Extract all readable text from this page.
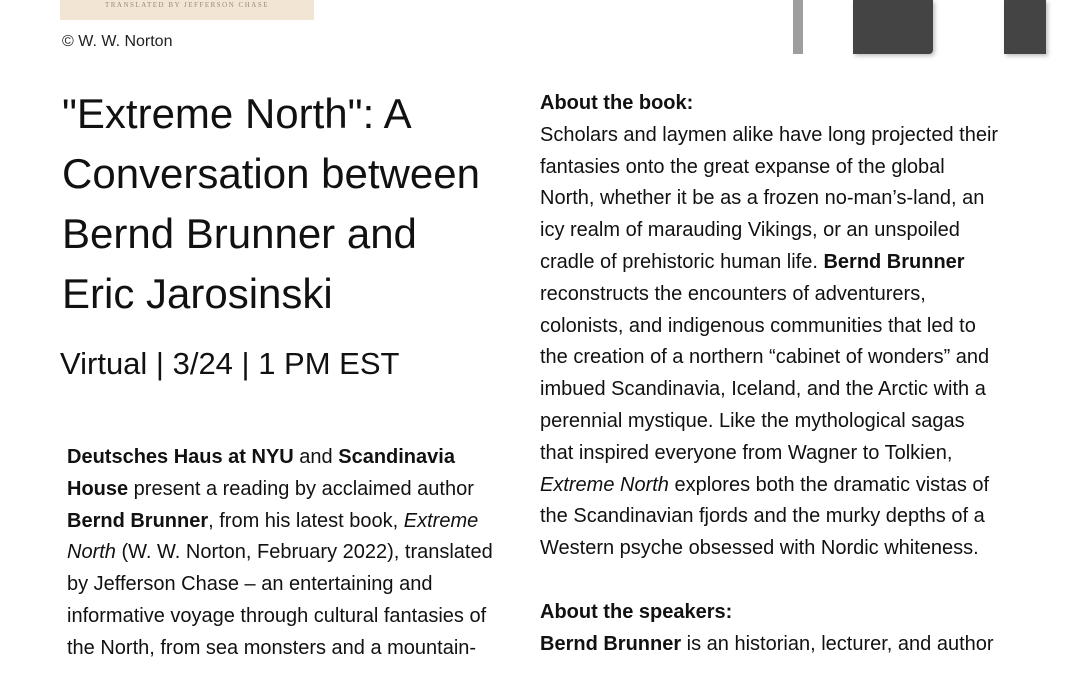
TRANSLATED BY JEFFERSON CHASE
© W. W. Norton
"Extreme North": A
Conversation between
Bernd Brunner and
Eric Jarosinski
Virtual | 3/24 | 1 PM EST
Deutsches Haus at NYU and Scandinavia
House present a reading by acclaimed author
Bernd Brunner, from his latest book, Extreme
North (W. W. Norton, February 2022), translated
by Jefferson Chase – an entertaining and
informative voyage through cultural fantasies of
the North, from sea monsters and a mountain-
About the book:
Scholars and laymen alike have long projected their
fantasies onto the great expanse of the global
North, whether it be as a frozen no-man’s-land, an
icy realm of marauding Vikings, or an unspoiled
cradle of prehistoric human life. Bernd Brunner
reconstructs the encounters of adventurers,
colonists, and indigenous communities that led to
the creation of a northern “cabinet of wonders” and
imbued Scandinavia, Iceland, and the Arctic with a
perennial mystique. Like the mythological sagas
that inspired everyone from Wagner to Tolkien,
Extreme North explores both the dramatic vistas of
the Scandinavian fjords and the murky depths of a
Western psyche obsessed with Nordic whiteness.
About the speakers:
Bernd Brunner is an historian, lecturer, and author
